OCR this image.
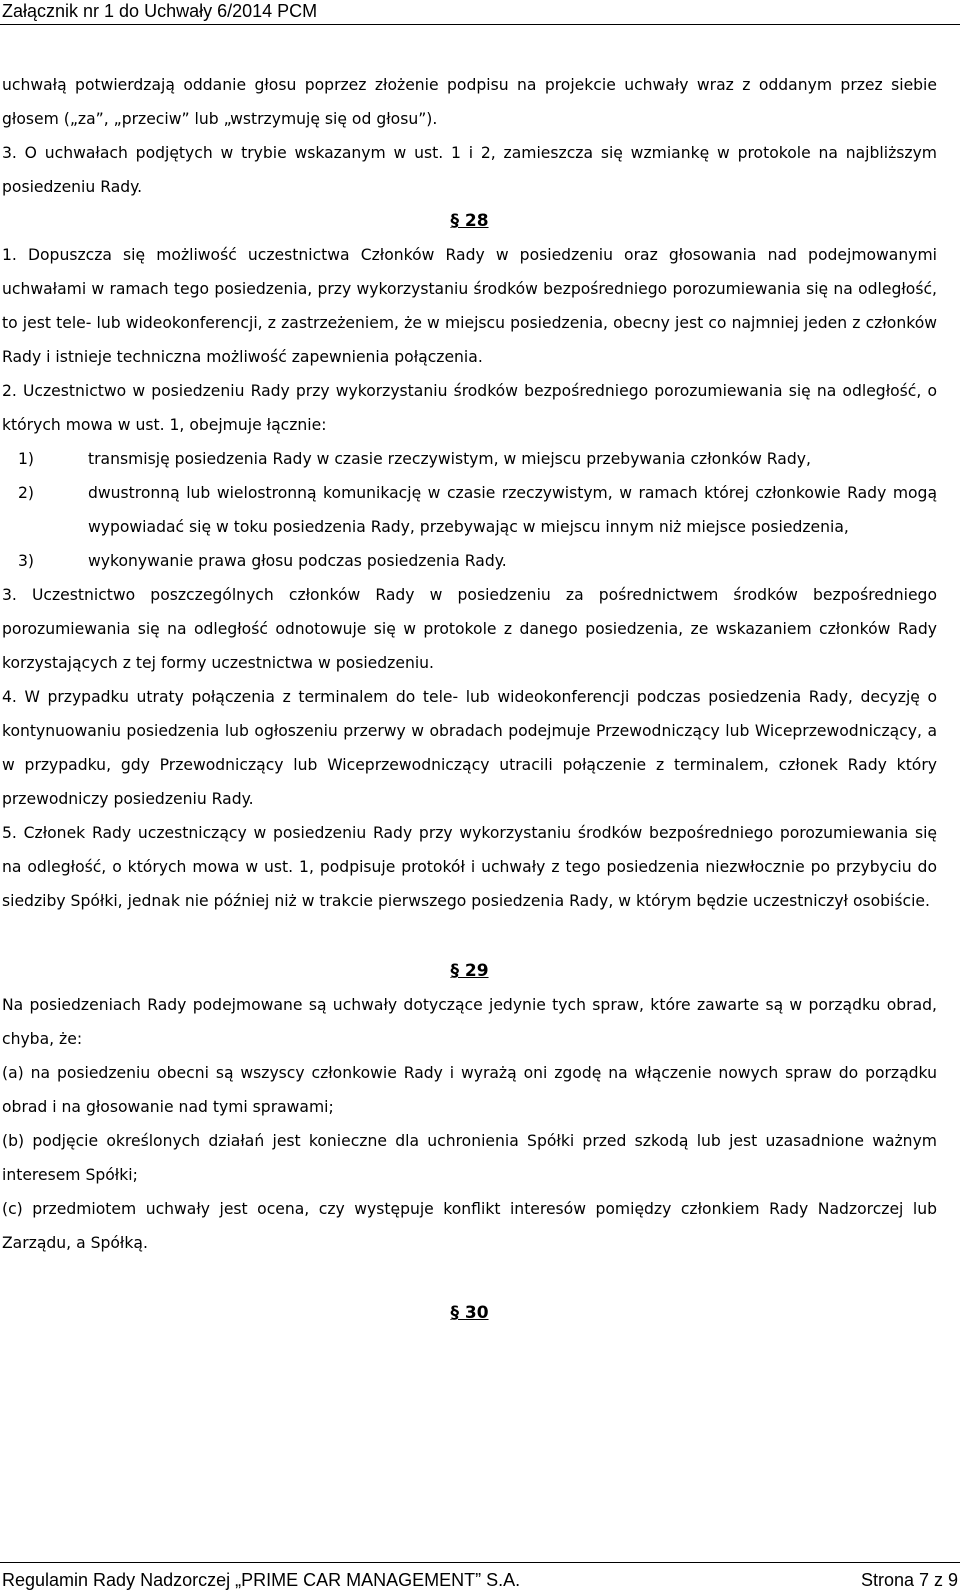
Załącznik nr 1 do Uchwały 6/2014 PCM

uchwałą potwierdzają oddanie głosu poprzez złożenie podpisu na projekcie uchwały wraz z oddanym przez siebie głosem („za”, „przeciw” lub „wstrzymuję się od głosu”).

3. O uchwałach podjętych w trybie wskazanym w ust. 1 i 2, zamieszcza się wzmiankę w protokole na najbliższym posiedzeniu Rady.

§ 28

1. Dopuszcza się możliwość uczestnictwa Członków Rady w posiedzeniu oraz głosowania nad podejmowanymi uchwałami w ramach tego posiedzenia, przy wykorzystaniu środków bezpośredniego porozumiewania się na odległość, to jest tele- lub wideokonferencji, z zastrzeżeniem, że w miejscu posiedzenia, obecny jest co najmniej jeden z członków Rady i istnieje techniczna możliwość zapewnienia połączenia.

2. Uczestnictwo w posiedzeniu Rady przy wykorzystaniu środków bezpośredniego porozumiewania się na odległość, o których mowa w ust. 1, obejmuje łącznie:

1)	transmisję posiedzenia Rady w czasie rzeczywistym, w miejscu przebywania członków Rady,
2)	dwustronną lub wielostronną komunikację w czasie rzeczywistym, w ramach której członkowie Rady mogą wypowiadać się w toku posiedzenia Rady, przebywając w miejscu innym niż miejsce posiedzenia,
3)	wykonywanie prawa głosu podczas posiedzenia Rady.

3. Uczestnictwo poszczególnych członków Rady w posiedzeniu za pośrednictwem środków bezpośredniego porozumiewania się na odległość odnotowuje się w protokole z danego posiedzenia, ze wskazaniem członków Rady korzystających z tej formy uczestnictwa w posiedzeniu.

4. W przypadku utraty połączenia z terminalem do tele- lub wideokonferencji podczas posiedzenia Rady, decyzję o kontynuowaniu posiedzenia lub ogłoszeniu przerwy w obradach podejmuje Przewodniczący lub Wiceprzewodniczący, a w przypadku, gdy Przewodniczący lub Wiceprzewodniczący utracili połączenie z terminalem, członek Rady który przewodniczy posiedzeniu Rady.

5. Członek Rady uczestniczący w posiedzeniu Rady przy wykorzystaniu środków bezpośredniego porozumiewania się na odległość, o których mowa w ust. 1, podpisuje protokół i uchwały z tego posiedzenia niezwłocznie po przybyciu do siedziby Spółki, jednak nie później niż w trakcie pierwszego posiedzenia Rady, w którym będzie uczestniczył osobiście.

§ 29

Na posiedzeniach Rady podejmowane są uchwały dotyczące jedynie tych spraw, które zawarte są w porządku obrad, chyba, że:

(a) na posiedzeniu obecni są wszyscy członkowie Rady i wyrażą oni zgodę na włączenie nowych spraw do porządku obrad i na głosowanie nad tymi sprawami;

(b) podjęcie określonych działań jest konieczne dla uchronienia Spółki przed szkodą lub jest uzasadnione ważnym interesem Spółki;

(c) przedmiotem uchwały jest ocena, czy występuje konflikt interesów pomiędzy członkiem Rady Nadzorczej lub Zarządu, a Spółką.

§ 30

Regulamin Rady Nadzorczej „PRIME CAR MANAGEMENT” S.A.	Strona 7 z 9
